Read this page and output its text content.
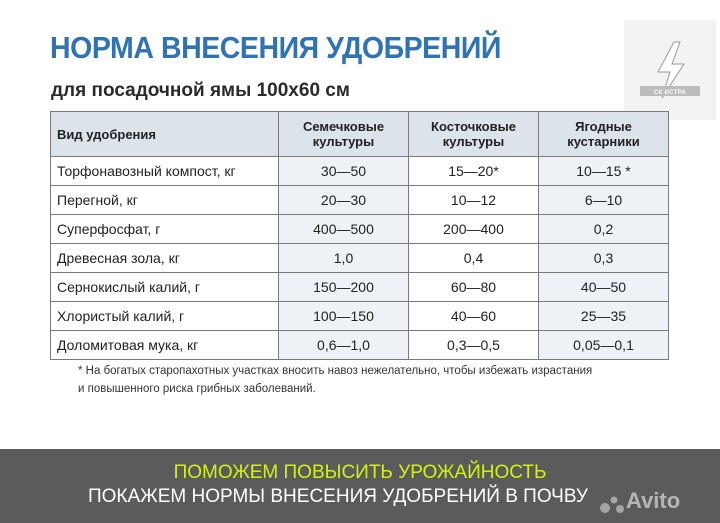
НОРМА ВНЕСЕНИЯ УДОБРЕНИЙ
для посадочной ямы 100х60 см	СК ИСТРА
Вид удобрения	Семечковые культуры	Косточковые культуры	Ягодные кустарники
Торфонавозный компост, кг	30—50	15—20*	10—15 *
Перегной, кг	20—30	10—12	6—10
Суперфосфат, г	400—500	200—400	0,2
Древесная зола, кг	1,0	0,4	0,3
Сернокислый калий, г	150—200	60—80	40—50
Хлористый калий, г	100—150	40—60	25—35
Доломитовая мука, кг	0,6—1,0	0,3—0,5	0,05—0,1
* На богатых старопахотных участках вносить навоз нежелательно, чтобы избежать израстания
и повышенного риска грибных заболеваний.
ПОМОЖЕМ ПОВЫСИТЬ УРОЖАЙНОСТЬ
ПОКАЖЕМ НОРМЫ ВНЕСЕНИЯ УДОБРЕНИЙ В ПОЧВУ Avito
